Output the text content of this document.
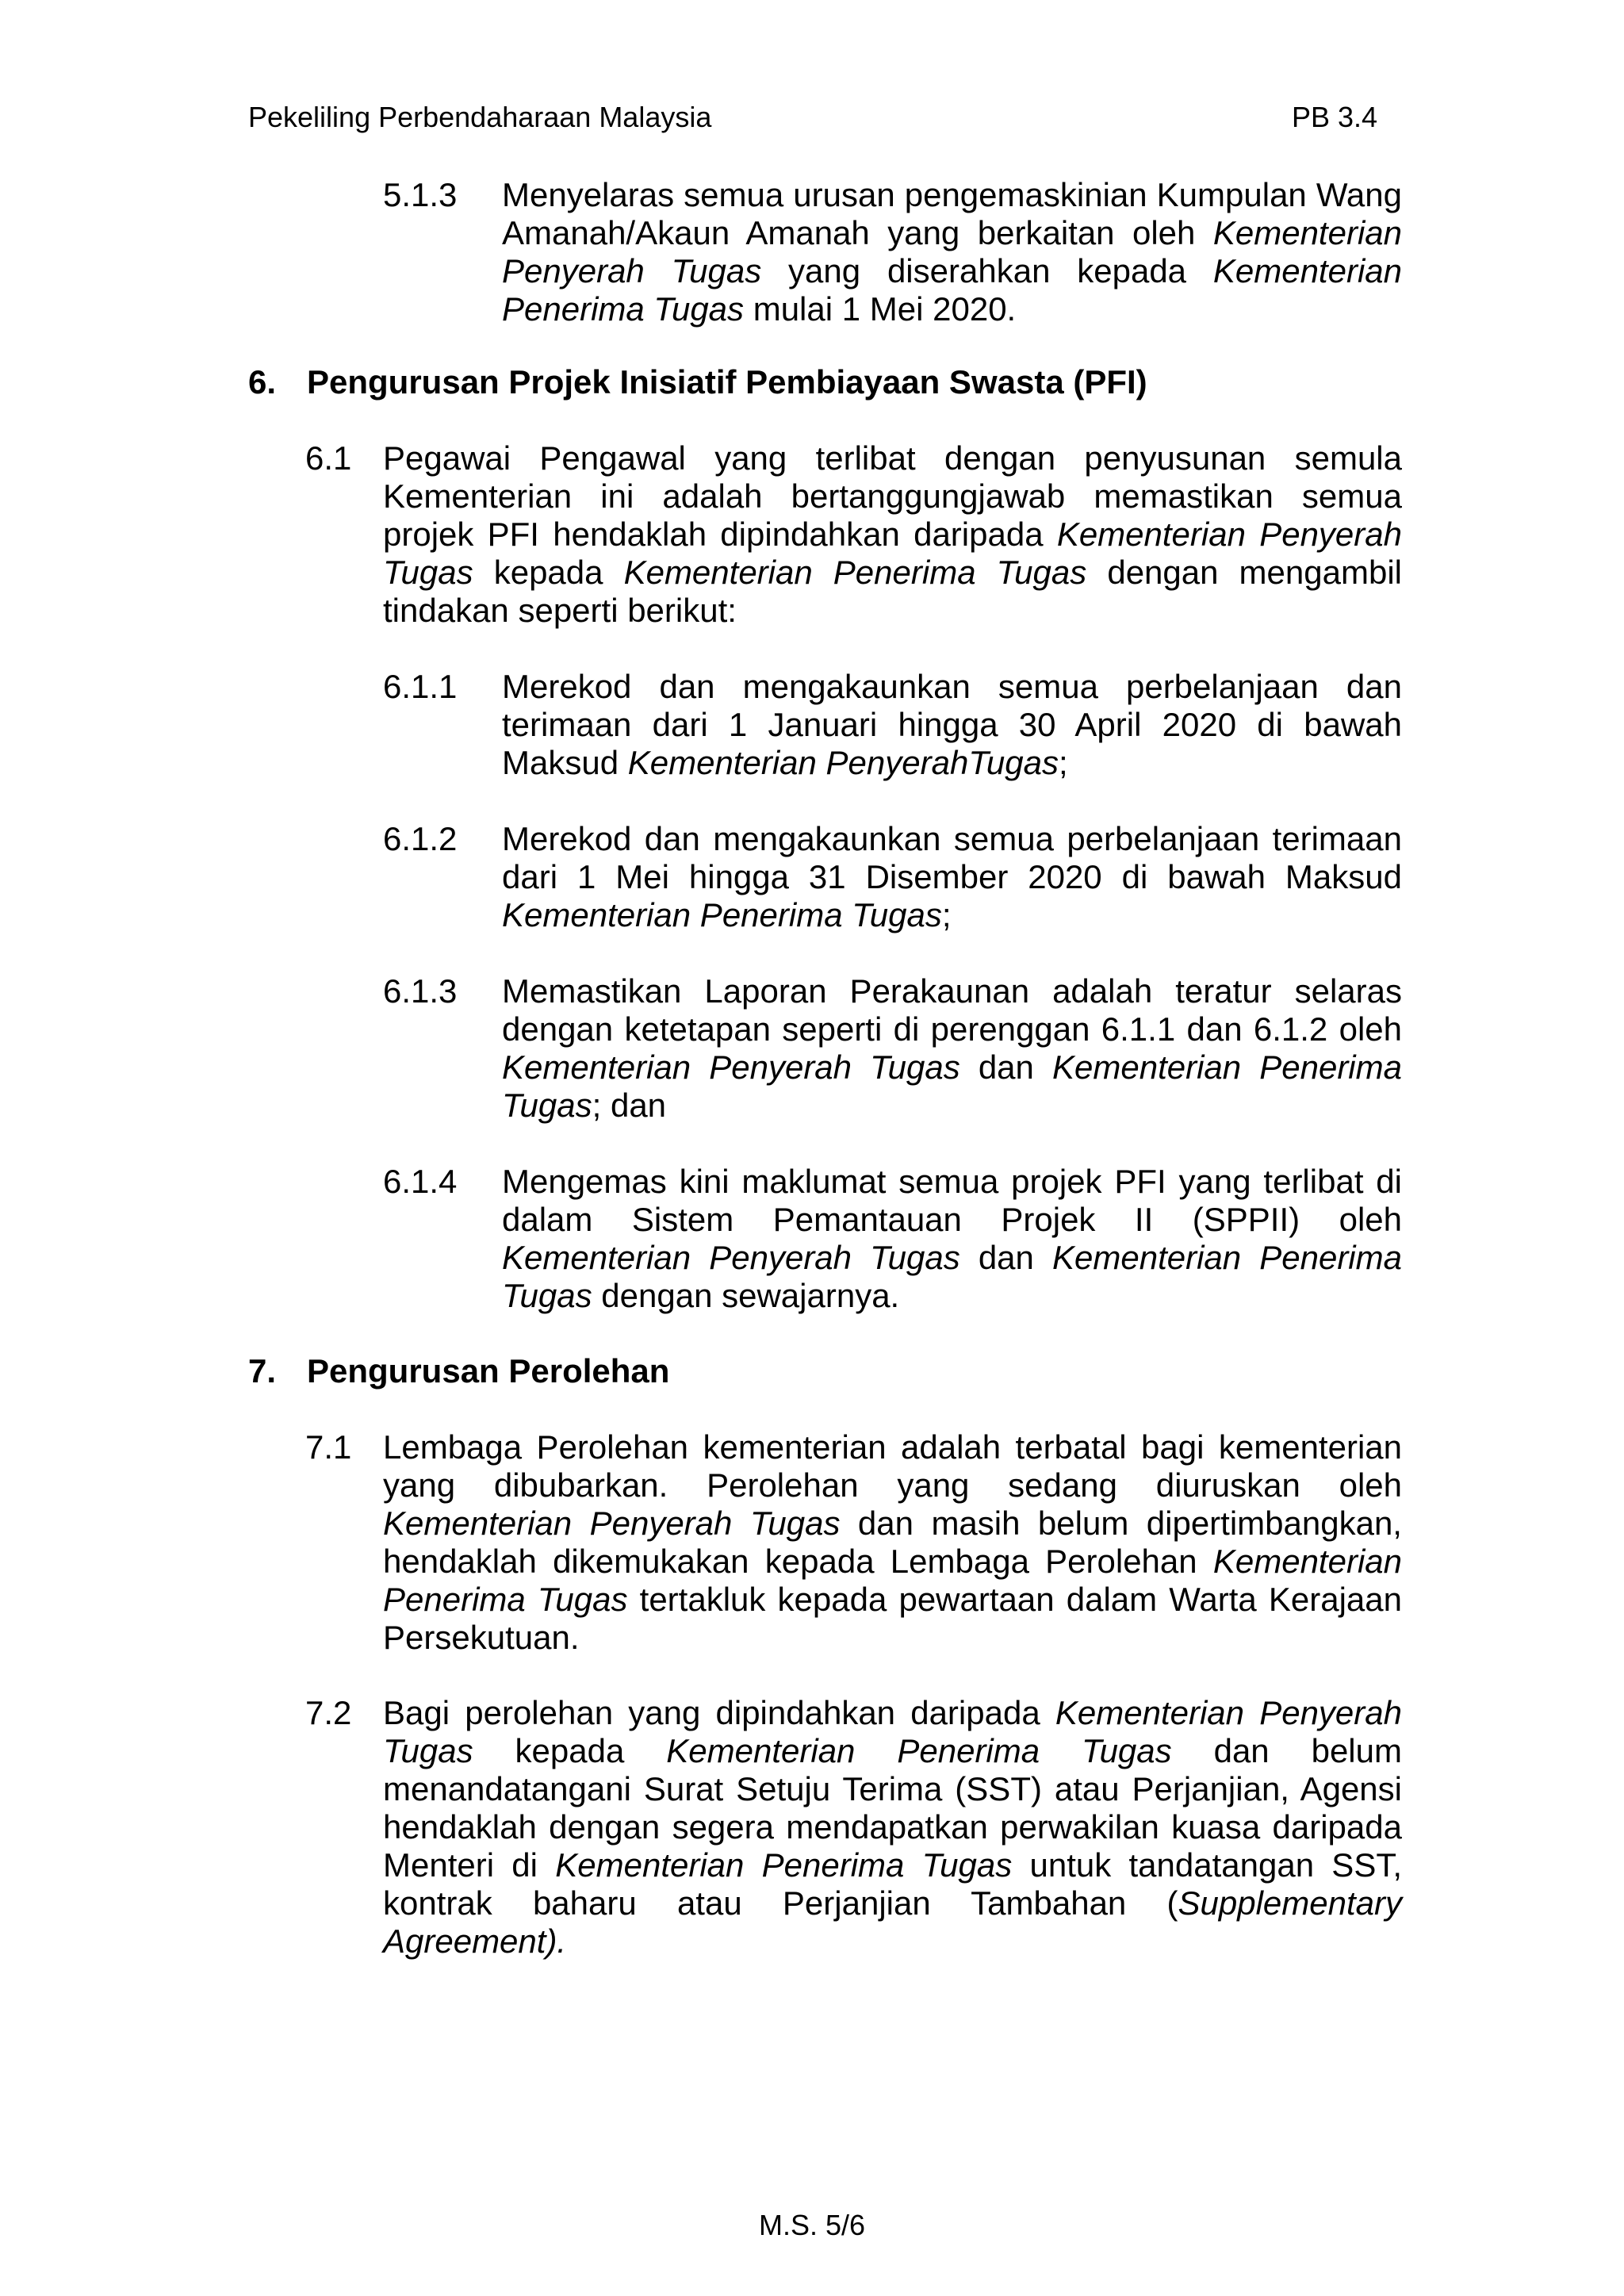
Pekeliling Perbendaharaan Malaysia	PB 3.4
5.1.3 Menyelaras semua urusan pengemaskinian Kumpulan Wang Amanah/Akaun Amanah yang berkaitan oleh Kementerian Penyerah Tugas yang diserahkan kepada Kementerian Penerima Tugas mulai 1 Mei 2020.
6. Pengurusan Projek Inisiatif Pembiayaan Swasta (PFI)
6.1 Pegawai Pengawal yang terlibat dengan penyusunan semula Kementerian ini adalah bertanggungjawab memastikan semua projek PFI hendaklah dipindahkan daripada Kementerian Penyerah Tugas kepada Kementerian Penerima Tugas dengan mengambil tindakan seperti berikut:
6.1.1 Merekod dan mengakaunkan semua perbelanjaan dan terimaan dari 1 Januari hingga 30 April 2020 di bawah Maksud Kementerian PenyerahTugas;
6.1.2 Merekod dan mengakaunkan semua perbelanjaan terimaan dari 1 Mei hingga 31 Disember 2020 di bawah Maksud Kementerian Penerima Tugas;
6.1.3 Memastikan Laporan Perakaunan adalah teratur selaras dengan ketetapan seperti di perenggan 6.1.1 dan 6.1.2 oleh Kementerian Penyerah Tugas dan Kementerian Penerima Tugas; dan
6.1.4 Mengemas kini maklumat semua projek PFI yang terlibat di dalam Sistem Pemantauan Projek II (SPPII) oleh Kementerian Penyerah Tugas dan Kementerian Penerima Tugas dengan sewajarnya.
7. Pengurusan Perolehan
7.1 Lembaga Perolehan kementerian adalah terbatal bagi kementerian yang dibubarkan. Perolehan yang sedang diuruskan oleh Kementerian Penyerah Tugas dan masih belum dipertimbangkan, hendaklah dikemukakan kepada Lembaga Perolehan Kementerian Penerima Tugas tertakluk kepada pewartaan dalam Warta Kerajaan Persekutuan.
7.2 Bagi perolehan yang dipindahkan daripada Kementerian Penyerah Tugas kepada Kementerian Penerima Tugas dan belum menandatangani Surat Setuju Terima (SST) atau Perjanjian, Agensi hendaklah dengan segera mendapatkan perwakilan kuasa daripada Menteri di Kementerian Penerima Tugas untuk tandatangan SST, kontrak baharu atau Perjanjian Tambahan (Supplementary Agreement).
M.S. 5/6
